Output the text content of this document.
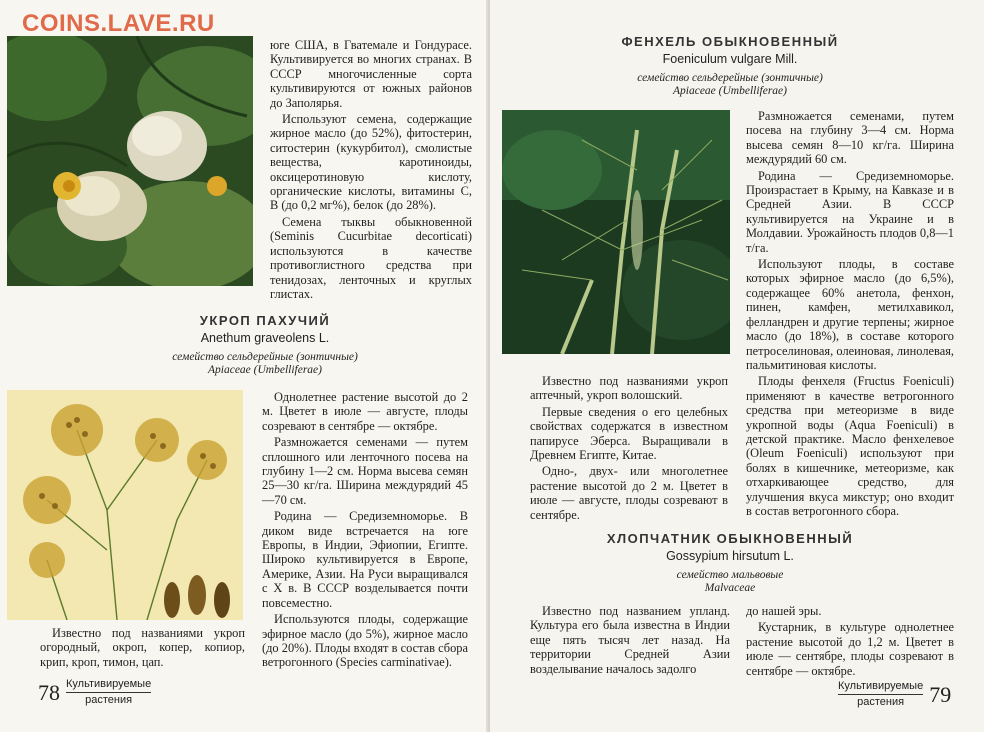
юге США, в Гватемале и Гондурасе. Культивируется во многих странах. В СССР многочисленные сорта культивируются от южных районов до Заполярья.

Используют семена, содержащие жирное масло (до 52%), фитостерин, ситостерин (кукурбитол), смолистые вещества, каротиноиды, оксицеротиновую кислоту, органические кислоты, витамины С, В (до 0,2 мг%), белок (до 28%).

Семена тыквы обыкновенной (Seminis Cucurbitae decorticati) используются в качестве противоглистного средства при тенидозах, ленточных и круглых глистах.

УКРОП ПАХУЧИЙ
Anethum graveolens L.
семейство сельдерейные (зонтичные)
Apiaceae (Umbelliferae)

Однолетнее растение высотой до 2 м. Цветет в июле — августе, плоды созревают в сентябре — октябре.

Размножается семенами — путем сплошного или ленточного посева на глубину 1—2 см. Норма высева семян 25—30 кг/га. Ширина междурядий 45—70 см.

Родина — Средиземноморье. В диком виде встречается на юге Европы, в Индии, Эфиопии, Египте. Широко культивируется в Европе, Америке, Азии. На Руси выращивался с X в. В СССР возделывается почти повсеместно.

Используются плоды, содержащие эфирное масло (до 5%), жирное масло (до 20%). Плоды входят в состав сбора ветрогонного (Species carminativae).

Известно под названиями укроп огородный, окроп, копер, копиор, крип, кроп, тимон, цап.

78 Культивируемые
растения
COINS.LAVE.RU
ФЕНХЕЛЬ ОБЫКНОВЕННЫЙ
Foeniculum vulgare Mill.
семейство сельдерейные (зонтичные)
Apiaceae (Umbelliferae)

Размножается семенами, путем посева на глубину 3—4 см. Норма высева семян 8—10 кг/га. Ширина междурядий 60 см.

Родина — Средиземноморье. Произрастает в Крыму, на Кавказе и в Средней Азии. В СССР культивируется на Украине и в Молдавии. Урожайность плодов 0,8—1 т/га.

Используют плоды, в составе которых эфирное масло (до 6,5%), содержащее 60% анетола, фенхон, пинен, камфен, метилхавикол, фелландрен и другие терпены; жирное масло (до 18%), в составе которого петроселиновая, олеиновая, линолевая, пальмитиновая кислоты.

Плоды фенхеля (Fructus Foeniculi) применяют в качестве ветрогонного средства при метеоризме в виде укропной воды (Aqua Foeniculi) в детской практике. Масло фенхелевое (Oleum Foeniculi) используют при болях в кишечнике, метеоризме, как отхаркивающее средство, для улучшения вкуса микстур; оно входит в состав ветрогонного сбора.

Известно под названиями укроп аптечный, укроп волошский.

Первые сведения о его целебных свойствах содержатся в известном папирусе Эберса. Выращивали в Древнем Египте, Китае.

Одно-, двух- или многолетнее растение высотой до 2 м. Цветет в июле — августе, плоды созревают в сентябре.

ХЛОПЧАТНИК ОБЫКНОВЕННЫЙ
Gossypium hirsutum L.
семейство мальвовые
Malvaceae

Известно под названием упланд. Культура его была известна в Индии еще пять тысяч лет назад. На территории Средней Азии возделывание началось задолго

до нашей эры.

Кустарник, в культуре однолетнее растение высотой до 1,2 м. Цветет в июле — сентябре, плоды созревают в сентябре — октябре.

Культивируемые
растения	79
